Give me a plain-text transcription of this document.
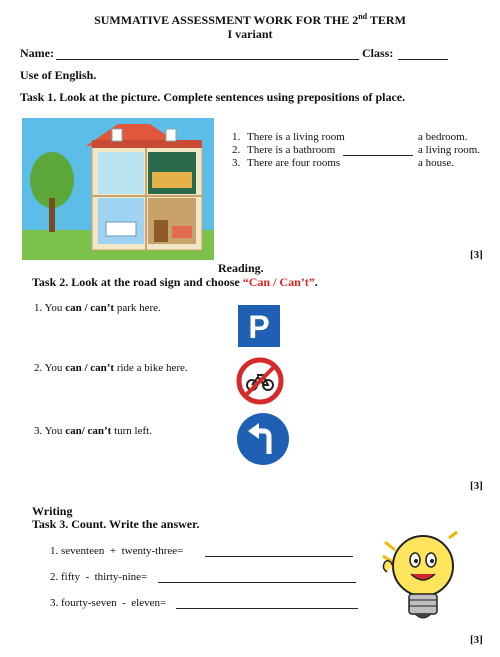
SUMMATIVE ASSESSMENT WORK FOR THE 2nd TERM
I variant
Name:	Class:
Use of English.
Task 1. Look at the picture. Complete sentences using prepositions of place.
1. There is a living room	a bedroom.
2. There is a bathroom	a living room.
3. There are four rooms	a house.
[3]
Reading.
Task 2. Look at the road sign and choose “Can / Can’t”.
1. You can / can’t park here.
2. You can / can’t ride a bike here.
3. You can/ can’t turn left.
P
[3]
Writing
Task 3. Count. Write the answer.
1. seventeen  +  twenty-three=
2. fifty  -  thirty-nine=
3. fourty-seven  -  eleven=
[3]
